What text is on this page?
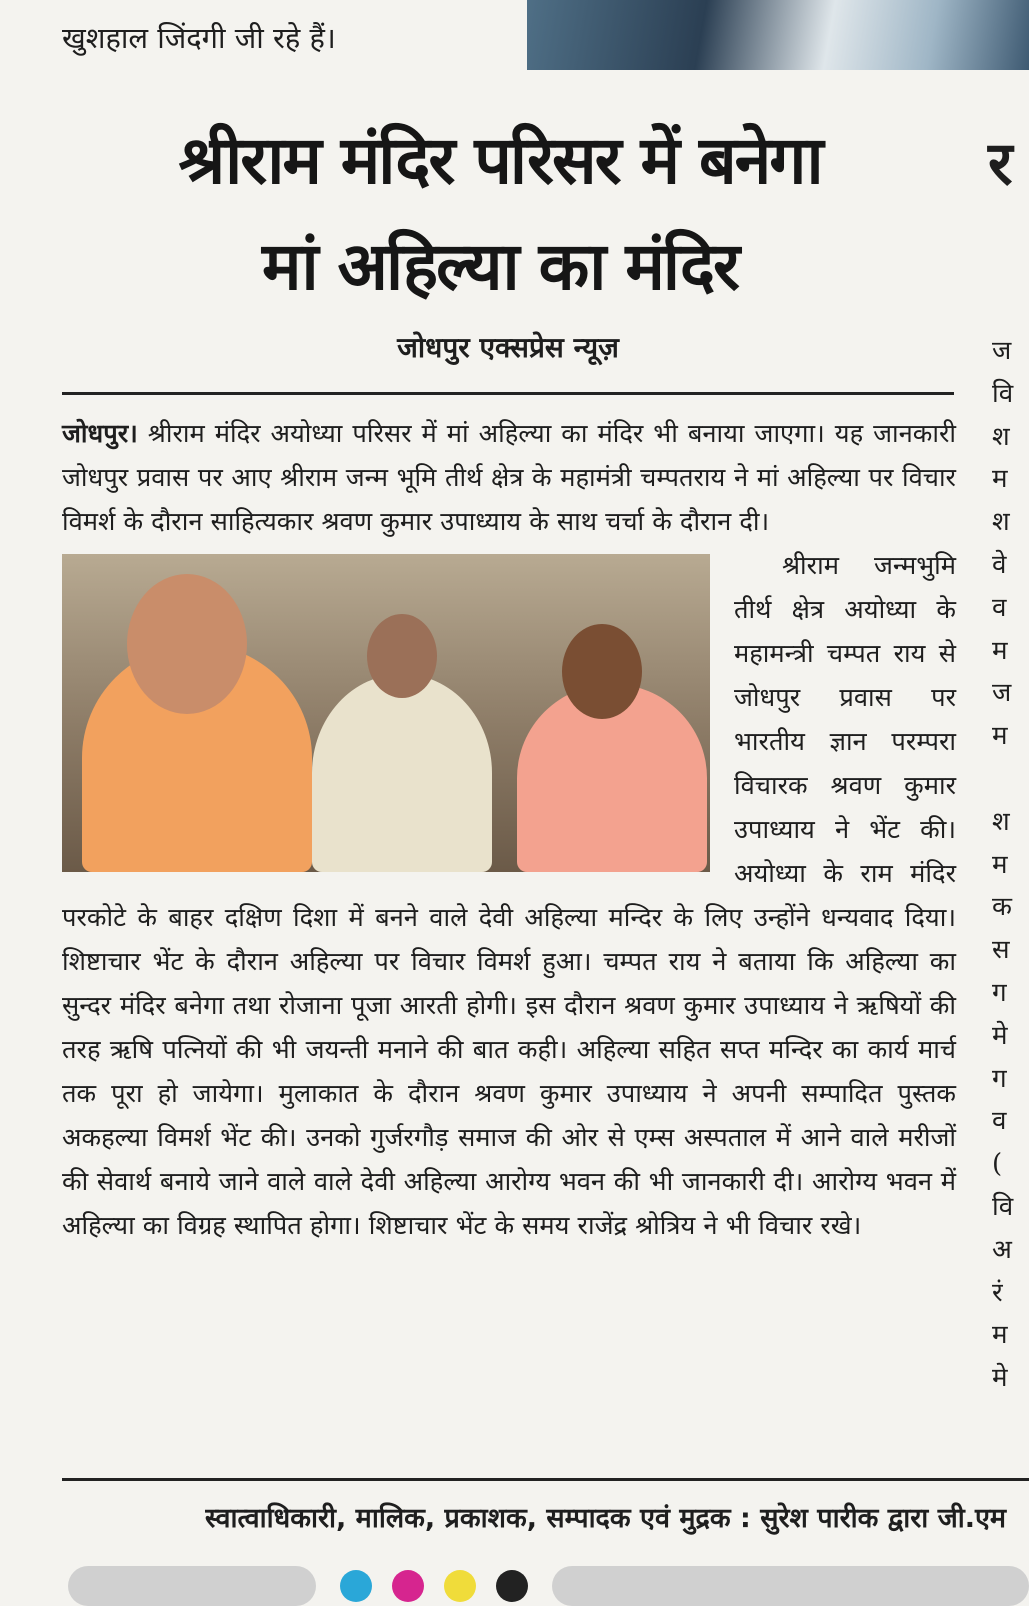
खुशहाल जिंदगी जी रहे हैं।
श्रीराम मंदिर परिसर में बनेगा
मां अहिल्या का मंदिर
जोधपुर एक्सप्रेस न्यूज़

जोधपुर। श्रीराम मंदिर अयोध्या परिसर में मां अहिल्या का मंदिर भी बनाया जाएगा। यह जानकारी जोधपुर प्रवास पर आए श्रीराम जन्म भूमि तीर्थ क्षेत्र के महामंत्री चम्पतराय ने मां अहिल्या पर विचार विमर्श के दौरान साहित्यकार श्रवण कुमार उपाध्याय के साथ चर्चा के दौरान दी।

श्रीराम जन्मभुमि तीर्थ क्षेत्र अयोध्या के महामन्त्री चम्पत राय से जोधपुर प्रवास पर भारतीय ज्ञान परम्परा विचारक श्रवण कुमार उपाध्याय ने भेंट की। अयोध्या के राम मंदिर परकोटे के बाहर दक्षिण दिशा में बनने वाले देवी अहिल्या मन्दिर के लिए उन्होंने धन्यवाद दिया। शिष्टाचार भेंट के दौरान अहिल्या पर विचार विमर्श हुआ। चम्पत राय ने बताया कि अहिल्या का सुन्दर मंदिर बनेगा तथा रोजाना पूजा आरती होगी। इस दौरान श्रवण कुमार उपाध्याय ने ऋषियों की तरह ऋषि पत्नियों की भी जयन्ती मनाने की बात कही। अहिल्या सहित सप्त मन्दिर का कार्य मार्च तक पूरा हो जायेगा। मुलाकात के दौरान श्रवण कुमार उपाध्याय ने अपनी सम्पादित पुस्तक अकहल्या विमर्श भेंट की। उनको गुर्जरगौड़ समाज की ओर से एम्स अस्पताल में आने वाले मरीजों की सेवार्थ बनाये जाने वाले वाले देवी अहिल्या आरोग्य भवन की भी जानकारी दी। आरोग्य भवन में अहिल्या का विग्रह स्थापित होगा। शिष्टाचार भेंट के समय राजेंद्र श्रोत्रिय ने भी विचार रखे।

र
ज
वि
श
म
श
वे
व
म
ज
म

श
म
क
स
ग
मे
ग
व
(
वि
अ
रं
म
मे
स्वात्वाधिकारी, मालिक, प्रकाशक, सम्पादक एवं मुद्रक : सुरेश पारीक द्वारा जी.एम
